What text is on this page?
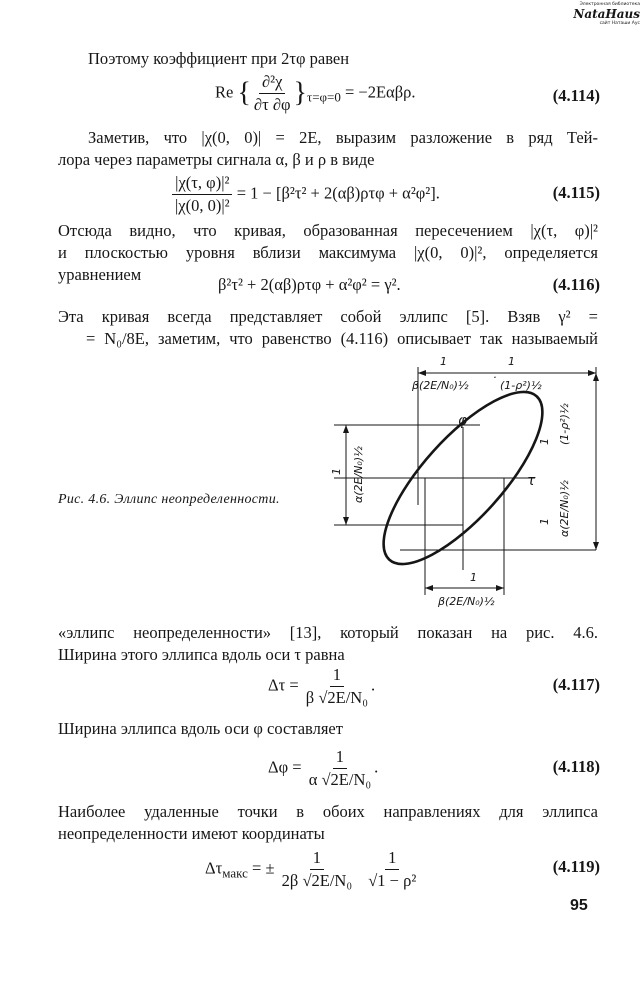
Электронная библиотека
NataHaus
сайт Наташи Аус
Поэтому коэффициент при 2τφ равен
Re { $\frac{\text{∂²χ}}{\partial\tau \partial\varphi} \}_{\tau=\varphi=0} = -2E\alpha\beta\rho$.	(4.114)
Заметив, что |χ(0, 0)| = 2E, выразим разложение в ряд Тей-
лора через параметры сигнала α, β и ρ в виде
$\frac{\text{|χ(τ, φ)|²}}{\text{|χ(0, 0)|²}} = 1 - [\beta^2\tau^2 + 2(\alpha\beta)\rho\tau\varphi + \alpha^2\varphi^2]$.	(4.115)
Отсюда видно, что кривая, образованная пересечением |χ(τ, φ)|²
и плоскостью уровня вблизи максимума |χ(0, 0)|², определяется
уравнением
β²τ² + 2(αβ)ρτφ + α²φ² = γ².	(4.116)
Эта кривая всегда представляет собой эллипс [5]. Взяв γ² =
= N₀/8E, заметим, что равенство (4.116) описывает так называемый
1
β(2E/N₀)½
·
1
(1-ρ²)½
τ
φ
1 α(2E/N₀)½
1 (1-ρ²)½
1 α(2E/N₀)½
1
β(2E/N₀)½
Рис. 4.6. Эллипс неопределенности.
«эллипс неопределенности» [13], который показан на рис. 4.6.
Ширина этого эллипса вдоль оси τ равна
$\Delta\tau = \frac{1}{\text{β √2E/N₀}}$ .	(4.117)
Ширина эллипса вдоль оси φ составляет
$\Delta\varphi = \frac{1}{\text{α √2E/N₀}}$ .	(4.118)
Наиболее удаленные точки в обоих направлениях для эллипса
неопределенности имеют координаты
$\Delta\tau_{макс}$ = ± $\frac{1}{\text{2β √2E/N₀}}$
$\frac{1}{\text{√1 − ρ²}}$	(4.119)
95
